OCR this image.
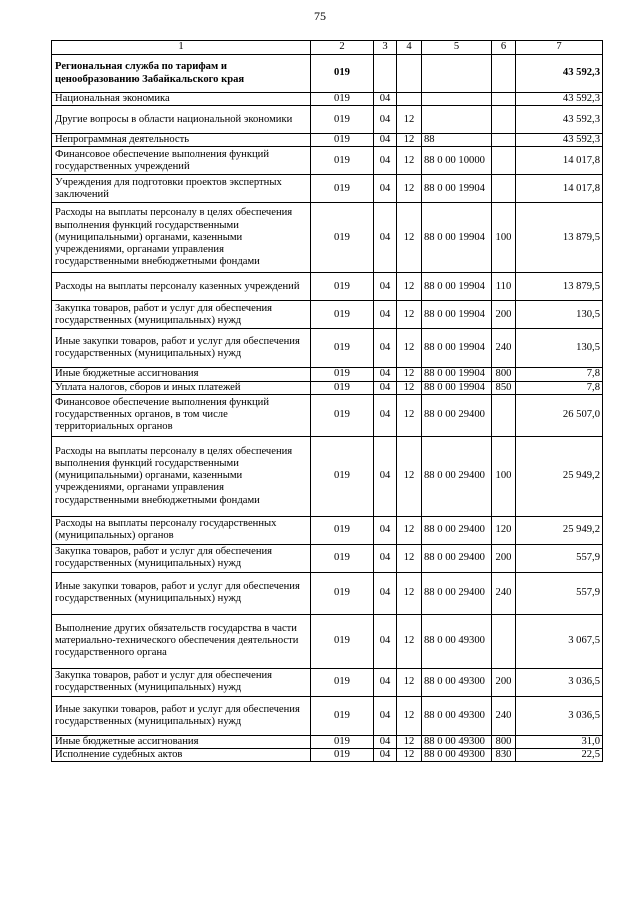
75
1	2	3	4	5	6	7
Региональная служба по тарифам и ценообразованию Забайкальского края	019					43 592,3
Национальная экономика	019	04				43 592,3
Другие вопросы в области национальной экономики	019	04	12			43 592,3
Непрограммная деятельность	019	04	12	88		43 592,3
Финансовое обеспечение выполнения функций государственных учреждений	019	04	12	88 0 00 10000		14 017,8
Учреждения для подготовки проектов экспертных заключений	019	04	12	88 0 00 19904		14 017,8
Расходы на выплаты персоналу в целях обеспечения выполнения функций государственными (муниципальными) органами, казенными учреждениями, органами управления государственными внебюджетными фондами	019	04	12	88 0 00 19904	100	13 879,5
Расходы на выплаты персоналу казенных учреждений	019	04	12	88 0 00 19904	110	13 879,5
Закупка товаров, работ и услуг для обеспечения государственных (муниципальных) нужд	019	04	12	88 0 00 19904	200	130,5
Иные закупки товаров, работ и услуг для обеспечения государственных (муниципальных) нужд	019	04	12	88 0 00 19904	240	130,5
Иные бюджетные ассигнования	019	04	12	88 0 00 19904	800	7,8
Уплата налогов, сборов и иных платежей	019	04	12	88 0 00 19904	850	7,8
Финансовое обеспечение выполнения функций государственных органов, в том числе территориальных органов	019	04	12	88 0 00 29400		26 507,0
Расходы на выплаты персоналу в целях обеспечения выполнения функций государственными (муниципальными) органами, казенными учреждениями, органами управления государственными внебюджетными фондами	019	04	12	88 0 00 29400	100	25 949,2
Расходы на выплаты персоналу государственных (муниципальных) органов	019	04	12	88 0 00 29400	120	25 949,2
Закупка товаров, работ и услуг для обеспечения государственных (муниципальных) нужд	019	04	12	88 0 00 29400	200	557,9
Иные закупки товаров, работ и услуг для обеспечения государственных (муниципальных) нужд	019	04	12	88 0 00 29400	240	557,9
Выполнение других обязательств государства в части материально-технического обеспечения деятельности государственного органа	019	04	12	88 0 00 49300		3 067,5
Закупка товаров, работ и услуг для обеспечения государственных (муниципальных) нужд	019	04	12	88 0 00 49300	200	3 036,5
Иные закупки товаров, работ и услуг для обеспечения государственных (муниципальных) нужд	019	04	12	88 0 00 49300	240	3 036,5
Иные бюджетные ассигнования	019	04	12	88 0 00 49300	800	31,0
Исполнение судебных актов	019	04	12	88 0 00 49300	830	22,5
